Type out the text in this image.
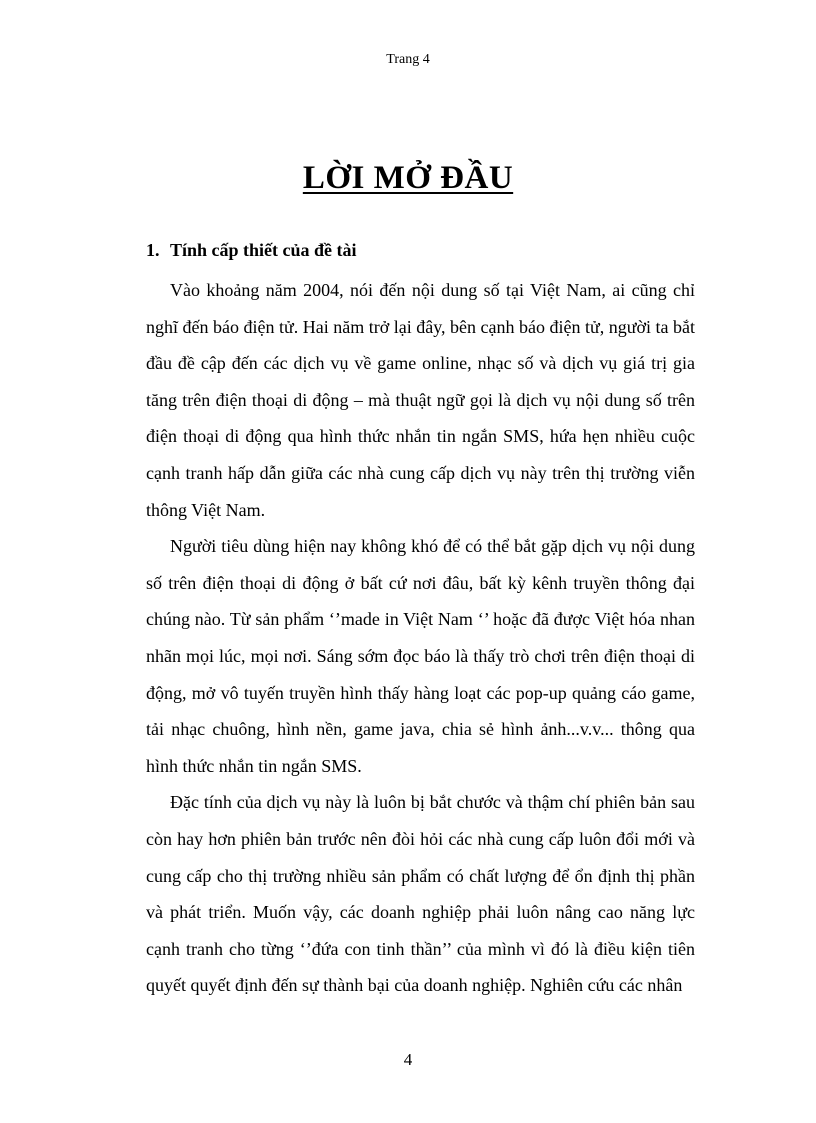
Trang 4
LỜI MỞ ĐẦU
1. Tính cấp thiết của đề tài

Vào khoảng năm 2004, nói đến nội dung số tại Việt Nam, ai cũng chỉ nghĩ đến báo điện tử. Hai năm trở lại đây, bên cạnh báo điện tử, người ta bắt đầu đề cập đến các dịch vụ về game online, nhạc số và dịch vụ giá trị gia tăng trên điện thoại di động – mà thuật ngữ gọi là dịch vụ nội dung số trên điện thoại di động qua hình thức nhắn tin ngắn SMS, hứa hẹn nhiều cuộc cạnh tranh hấp dẫn giữa các nhà cung cấp dịch vụ này trên thị trường viễn thông Việt Nam.

Người tiêu dùng hiện nay không khó để có thể bắt gặp dịch vụ nội dung số trên điện thoại di động ở bất cứ nơi đâu, bất kỳ kênh truyền thông đại chúng nào. Từ sản phẩm ‘’made in Việt Nam ‘’ hoặc đã được Việt hóa nhan nhãn mọi lúc, mọi nơi. Sáng sớm đọc báo là thấy trò chơi trên điện thoại di động, mở vô tuyến truyền hình thấy hàng loạt các pop-up quảng cáo game, tải nhạc chuông, hình nền, game java, chia sẻ hình ảnh...v.v... thông qua hình thức nhắn tin ngắn SMS.

Đặc tính của dịch vụ này là luôn bị bắt chước và thậm chí phiên bản sau còn hay hơn phiên bản trước nên đòi hỏi các nhà cung cấp luôn đổi mới và cung cấp cho thị trường nhiều sản phẩm có chất lượng để ổn định thị phần và phát triển. Muốn vậy, các doanh nghiệp phải luôn nâng cao năng lực cạnh tranh cho từng ‘’đứa con tinh thần’’ của mình vì đó là điều kiện tiên quyết quyết định đến sự thành bại của doanh nghiệp. Nghiên cứu các nhân

4
